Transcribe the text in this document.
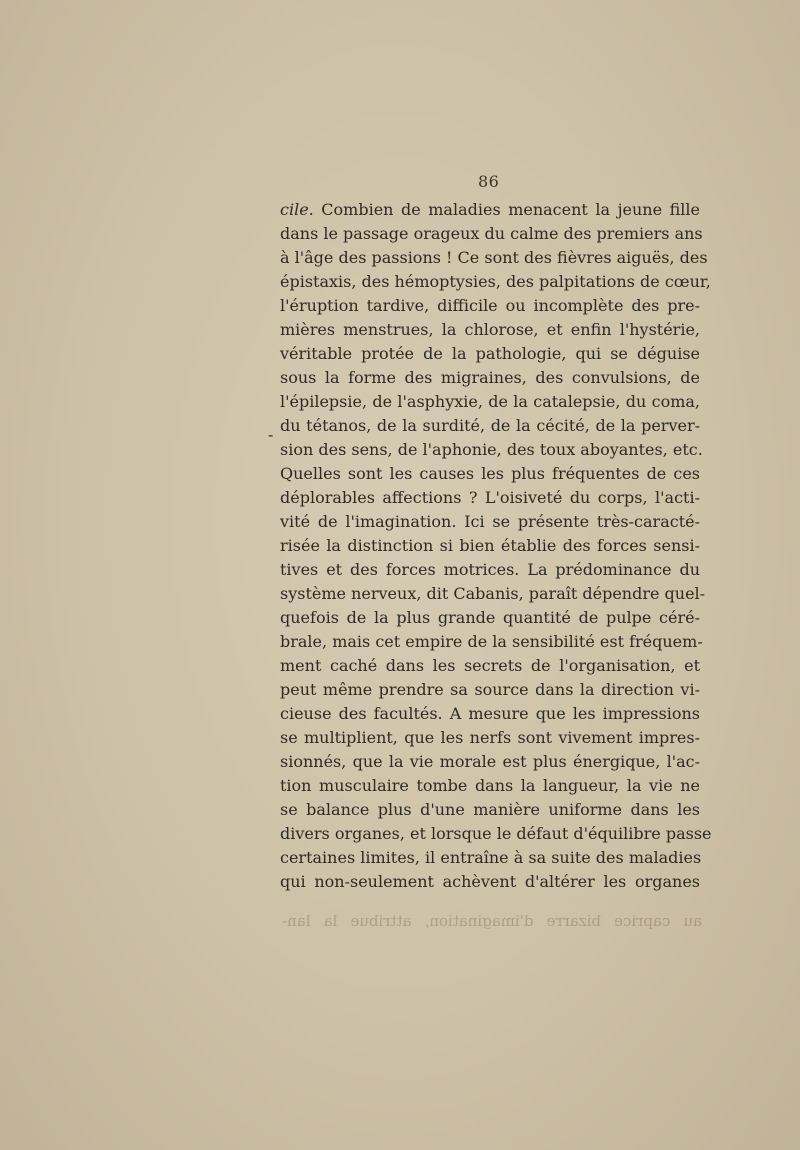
86
-
cile. Combien de maladies menacent la jeune fille
dans le passage orageux du calme des premiers ans
à l'âge des passions ! Ce sont des fièvres aiguës, des
épistaxis, des hémoptysies, des palpitations de cœur,
l'éruption tardive, difficile ou incomplète des pre-
mières menstrues, la chlorose, et enfin l'hystérie,
véritable protée de la pathologie, qui se déguise
sous la forme des migraines, des convulsions, de
l'épilepsie, de l'asphyxie, de la catalepsie, du coma,
du tétanos, de la surdité, de la cécité, de la perver-
sion des sens, de l'aphonie, des toux aboyantes, etc.
Quelles sont les causes les plus fréquentes de ces
déplorables affections ? L'oisiveté du corps, l'acti-
vité de l'imagination. Ici se présente très-caracté-
risée la distinction si bien établie des forces sensi-
tives et des forces motrices. La prédominance du
système nerveux, dit Cabanis, paraît dépendre quel-
quefois de la plus grande quantité de pulpe céré-
brale, mais cet empire de la sensibilité est fréquem-
ment caché dans les secrets de l'organisation, et
peut même prendre sa source dans la direction vi-
cieuse des facultés. A mesure que les impressions
se multiplient, que les nerfs sont vivement impres-
sionnés, que la vie morale est plus énergique, l'ac-
tion musculaire tombe dans la langueur, la vie ne
se balance plus d'une manière uniforme dans les
divers organes, et lorsque le défaut d'équilibre passe
certaines limites, il entraîne à sa suite des maladies
qui non-seulement achèvent d'altérer les organes
au caprice bizarre d'imagination, attribue la lan-
